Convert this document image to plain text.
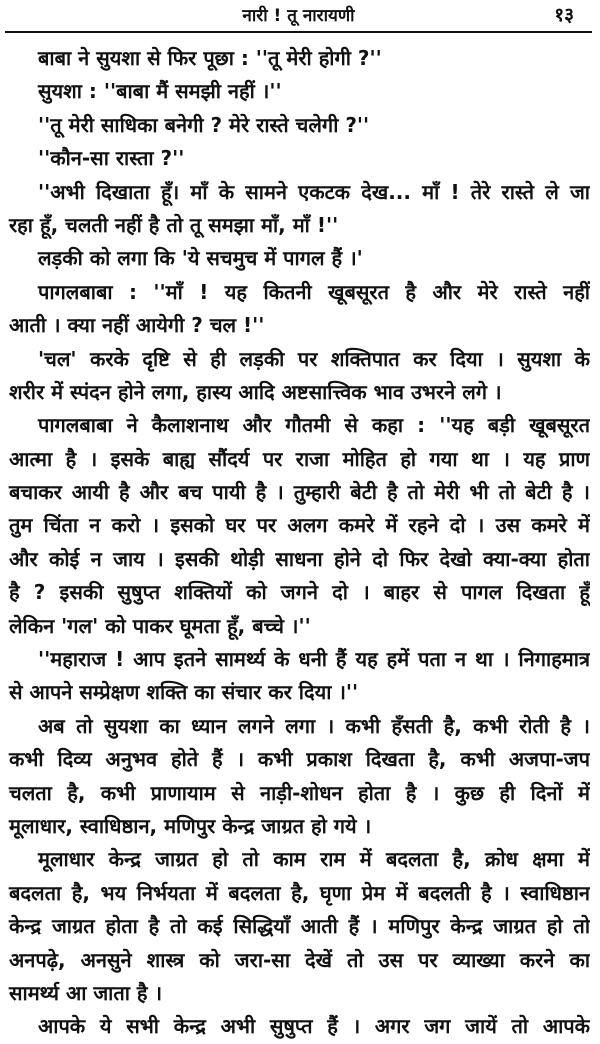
नारी ! तू नारायणी	१३
बाबा ने सुयशा से फिर पूछा : ''तू मेरी होगी ?''
सुयशा : ''बाबा मैं समझी नहीं ।''
''तू मेरी साधिका बनेगी ? मेरे रास्ते चलेगी ?''
''कौन-सा रास्ता ?''
''अभी दिखाता हूँ। माँ के सामने एकटक देख... माँ ! तेरे रास्ते ले जा
रहा हूँ, चलती नहीं है तो तू समझा माँ, माँ !''
लड़की को लगा कि 'ये सचमुच में पागल हैं ।'
पागलबाबा : ''माँ ! यह कितनी खूबसूरत है और मेरे रास्ते नहीं
आती । क्या नहीं आयेगी ? चल !''
'चल' करके दृष्टि से ही लड़की पर शक्तिपात कर दिया । सुयशा के
शरीर में स्पंदन होने लगा, हास्य आदि अष्टसात्त्विक भाव उभरने लगे ।
पागलबाबा ने कैलाशनाथ और गौतमी से कहा : ''यह बड़ी खूबसूरत
आत्मा है । इसके बाह्य सौंदर्य पर राजा मोहित हो गया था । यह प्राण
बचाकर आयी है और बच पायी है । तुम्हारी बेटी है तो मेरी भी तो बेटी है ।
तुम चिंता न करो । इसको घर पर अलग कमरे में रहने दो । उस कमरे में
और कोई न जाय । इसकी थोड़ी साधना होने दो फिर देखो क्या-क्या होता
है ? इसकी सुषुप्त शक्तियों को जगने दो । बाहर से पागल दिखता हूँ
लेकिन 'गल' को पाकर घूमता हूँ, बच्चे ।''
''महाराज ! आप इतने सामर्थ्य के धनी हैं यह हमें पता न था । निगाहमात्र
से आपने सम्प्रेक्षण शक्ति का संचार कर दिया ।''
अब तो सुयशा का ध्यान लगने लगा । कभी हँसती है, कभी रोती है ।
कभी दिव्य अनुभव होते हैं । कभी प्रकाश दिखता है, कभी अजपा-जप
चलता है, कभी प्राणायाम से नाड़ी-शोधन होता है । कुछ ही दिनों में
मूलाधार, स्वाधिष्ठान, मणिपुर केन्द्र जाग्रत हो गये ।
मूलाधार केन्द्र जाग्रत हो तो काम राम में बदलता है, क्रोध क्षमा में
बदलता है, भय निर्भयता में बदलता है, घृणा प्रेम में बदलती है । स्वाधिष्ठान
केन्द्र जाग्रत होता है तो कई सिद्धियाँ आती हैं । मणिपुर केन्द्र जाग्रत हो तो
अनपढ़े, अनसुने शास्त्र को जरा-सा देखें तो उस पर व्याख्या करने का
सामर्थ्य आ जाता है ।
आपके ये सभी केन्द्र अभी सुषुप्त हैं । अगर जग जायें तो आपके
